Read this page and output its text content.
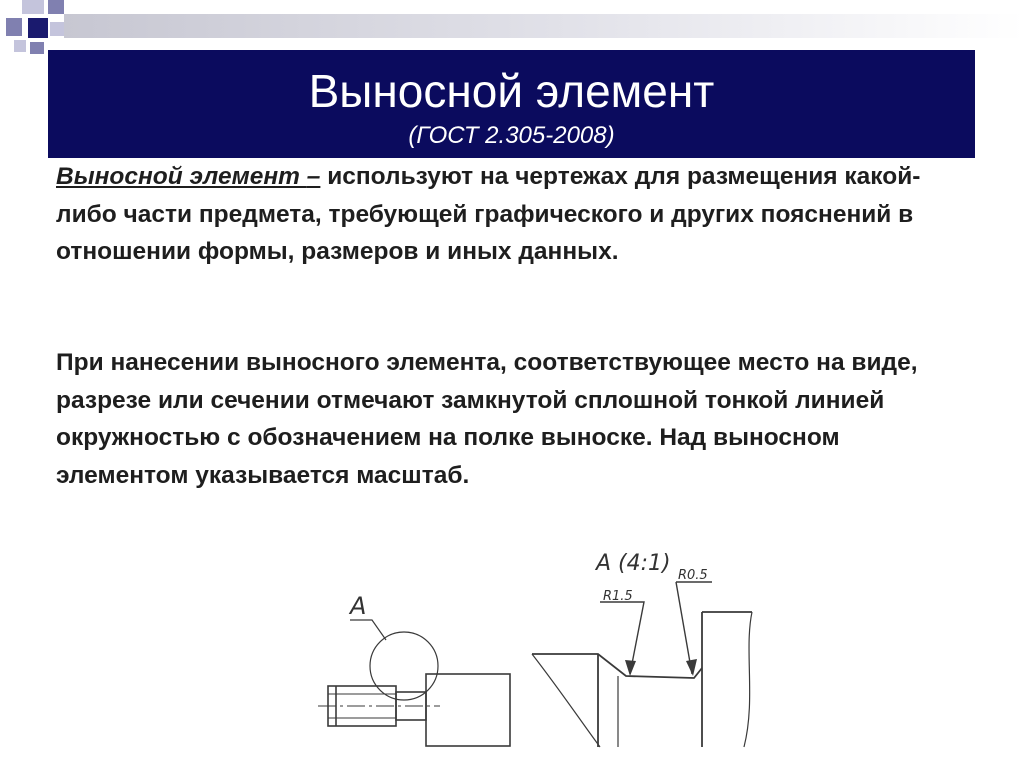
Выносной элемент
(ГОСТ 2.305-2008)

Выносной элемент – используют на чертежах для размещения какой-либо части предмета, требующей графического и других пояснений в отношении формы, размеров и иных данных.

При нанесении выносного элемента, соответствующее место на виде, разрезе или сечении отмечают замкнутой сплошной тонкой линией окружностью с обозначением на полке выноске. Над выносном элементом указывается масштаб.

А
А (4:1)
R1.5
R0.5
